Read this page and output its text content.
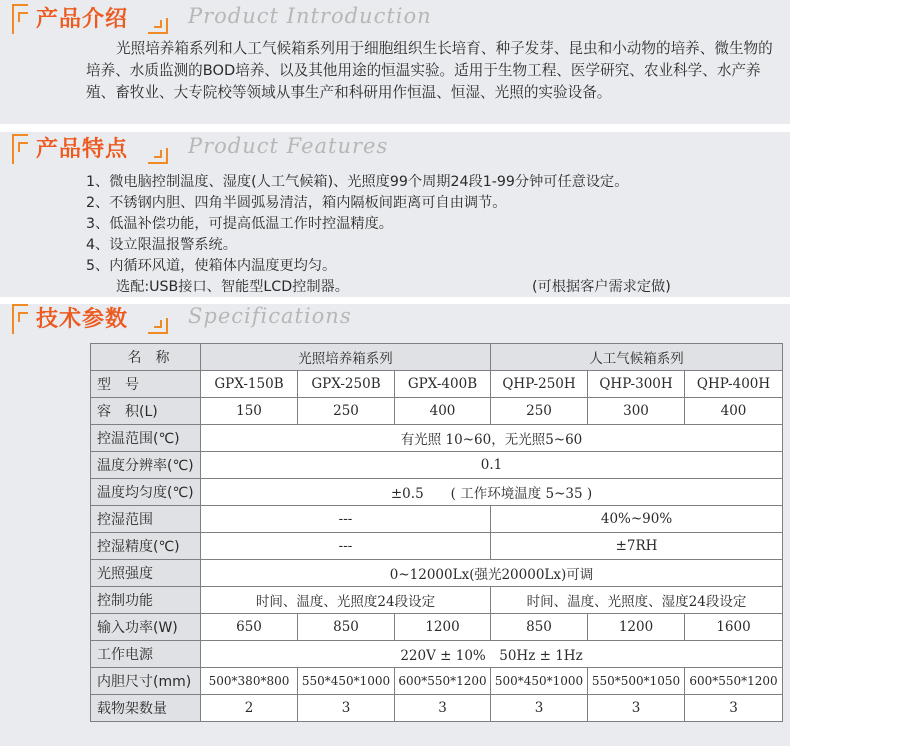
产品介绍	Product Introduction

光照培养箱系列和人工气候箱系列用于细胞组织生长培育、种子发芽、昆虫和小动物的培养、微生物的培养、水质监测的BOD培养、以及其他用途的恒温实验。适用于生物工程、医学研究、农业科学、水产养殖、畜牧业、大专院校等领域从事生产和科研用作恒温、恒湿、光照的实验设备。

产品特点	Product Features
1、微电脑控制温度、湿度(人工气候箱)、光照度99个周期24段1-99分钟可任意设定。
2、不锈钢内胆、四角半圆弧易清洁，箱内隔板间距离可自由调节。
3、低温补偿功能，可提高低温工作时控温精度。
4、设立限温报警系统。
5、内循环风道，使箱体内温度更均匀。
选配:USB接口、智能型LCD控制器。	(可根据客户需求定做)
技术参数	Specifications
名　称	光照培养箱系列			人工气候箱系列		
型　号	GPX-150B	GPX-250B	GPX-400B	QHP-250H	QHP-300H	QHP-400H
容　积(L)	150	250	400	250	300	400
控温范围(℃)	有光照 10~60，无光照5~60					
温度分辨率(℃)	0.1					
温度均匀度(℃)	±0.5　　( 工作环境温度 5~35 )					
控湿范围	---			40%~90%		
控湿精度(℃)	---			±7RH		
光照强度	0~12000Lx(强光20000Lx)可调					
控制功能	时间、温度、光照度24段设定			时间、温度、光照度、湿度24段设定		
输入功率(W)	650	850	1200	850	1200	1600
工作电源	220V ± 10%　50Hz ± 1Hz					
内胆尺寸(mm)	500*380*800	550*450*1000	600*550*1200	500*450*1000	550*500*1050	600*550*1200
载物架数量	2	3	3	3	3	3
